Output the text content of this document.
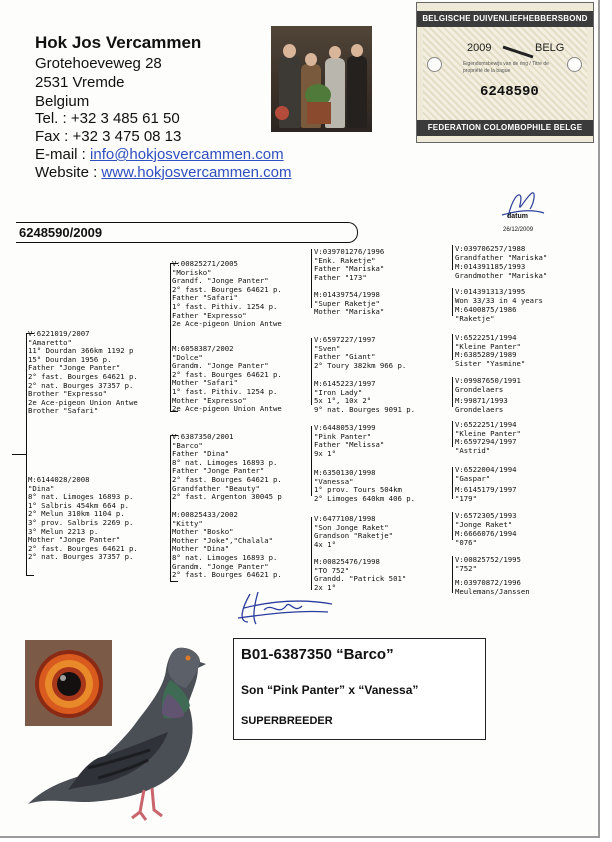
Hok Jos Vercammen
Grotehoeveweg 28
2531 Vremde
Belgium
Tel. : +32 3 485 61 50
Fax : +32 3 475 08 13
E-mail : info@hokjosvercammen.com
Website : www.hokjosvercammen.com
BELGISCHE DUIVENLIEFHEBBERSBOND
2009	BELG
Eigendomsbewijs van de ring / Titre de propriété de la bague
6248590
FEDERATION COLOMBOPHILE BELGE
6248590/2009
datum
26/12/2009
V:6221019/2007
"Amaretto"
11° Dourdan 366km 1192 p
15° Dourdan 1956 p.
Father "Jonge Panter"
2° fast. Bourges 64621 p.
2° nat. Bourges 37357 p.
Brother "Expresso"
2e Ace-pigeon Union Antwe
Brother "Safari"
M:6144028/2008
"Dina"
8° nat. Limoges 16893 p.
1° Salbris 454km 664 p.
2° Melun 310km 1104 p.
3° prov. Salbris 2269 p.
3° Melun 2213 p.
Mother "Jonge Panter"
2° fast. Bourges 64621 p.
2° nat. Bourges 37357 p.
V:00825271/2005
"Morisko"
Grandf. "Jonge Panter"
2° fast. Bourges 64621 p.
Father "Safari"
1° fast. Pithiv. 1254 p.
Father "Expresso"
2e Ace-pigeon Union Antwe
M:6058387/2002
"Dolce"
Grandm. "Jonge Panter"
2° fast. Bourges 64621 p.
Mother "Safari"
1° fast. Pithiv. 1254 p.
Mother "Expresso"
2e Ace-pigeon Union Antwe
V:6387350/2001
"Barco"
Father "Dina"
8° nat. Limoges 16893 p.
Father "Jonge Panter"
2° fast. Bourges 64621 p.
Grandfather "Beauty"
2° fast. Argenton 30045 p
M:00825433/2002
"Kitty"
Mother "Bosko"
Mother "Joke","Chalala"
Mother "Dina"
8° nat. Limoges 16893 p.
Grandm. "Jonge Panter"
2° fast. Bourges 64621 p.
V:039701276/1996
"Enk. Raketje"
Father "Mariska"
Father "173"
M:01439754/1998
"Super Raketje"
Mother "Mariska"
V:6597227/1997
"Sven"
Father "Giant"
2° Toury 382km 966 p.
M:6145223/1997
"Iron Lady"
5x 1°, 10x 2°
9° nat. Bourges 9091 p.
V:6448053/1999
"Pink Panter"
Father "Melissa"
9x 1°
M:6350130/1998
"Vanessa"
1° prov. Tours 504km
2° Limoges 640km 406 p.
V:6477108/1998
"Son Jonge Raket"
Grandson "Raketje"
4x 1°
M:00825476/1998
"TO 752"
Grandd. "Patrick 501"
2x 1°
V:039706257/1988
Grandfather "Mariska"
M:014391185/1993
Grandmother "Mariska"
V:014391313/1995
Won 33/33 in 4 years
M:6400875/1986
"Raketje"
V:6522251/1994
"Kleine Panter"
M:6385289/1989
Sister "Yasmine"
V:09987650/1991
Grondelaers
M:99871/1993
Grondelaers
V:6522251/1994
"Kleine Panter"
M:6597294/1997
"Astrid"
V:6522004/1994
"Gaspar"
M:6145179/1997
"179"
V:6572305/1993
"Jonge Raket"
M:6666076/1994
"076"
V:00825752/1995
"752"
M:03970872/1996
Meulemans/Janssen
B01-6387350 “Barco”
Son “Pink Panter” x “Vanessa”
SUPERBREEDER
